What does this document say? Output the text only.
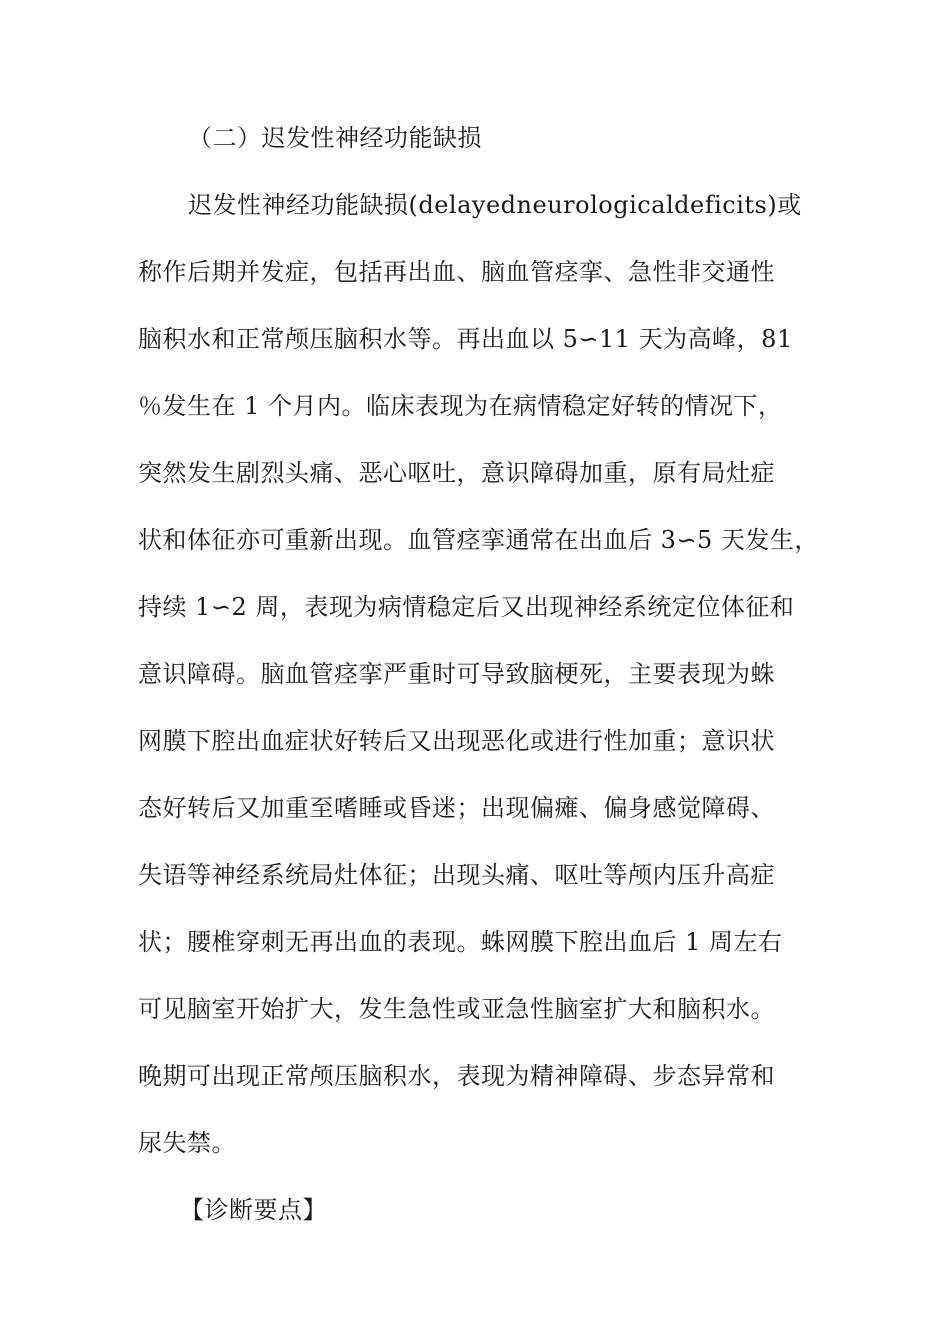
（二）迟发性神经功能缺损
迟发性神经功能缺损(delayedneurologicaldeficits)或
称作后期并发症，包括再出血、脑血管痉挛、急性非交通性
脑积水和正常颅压脑积水等。再出血以 5∽11 天为高峰，81
％发生在 1 个月内。临床表现为在病情稳定好转的情况下，
突然发生剧烈头痛、恶心呕吐，意识障碍加重，原有局灶症
状和体征亦可重新出现。血管痉挛通常在出血后 3∽5 天发生，
持续 1∽2 周，表现为病情稳定后又出现神经系统定位体征和
意识障碍。脑血管痉挛严重时可导致脑梗死，主要表现为蛛
网膜下腔出血症状好转后又出现恶化或进行性加重；意识状
态好转后又加重至嗜睡或昏迷；出现偏瘫、偏身感觉障碍、
失语等神经系统局灶体征；出现头痛、呕吐等颅内压升高症
状；腰椎穿刺无再出血的表现。蛛网膜下腔出血后 1 周左右
可见脑室开始扩大，发生急性或亚急性脑室扩大和脑积水。
晚期可出现正常颅压脑积水，表现为精神障碍、步态异常和
尿失禁。
【诊断要点】
